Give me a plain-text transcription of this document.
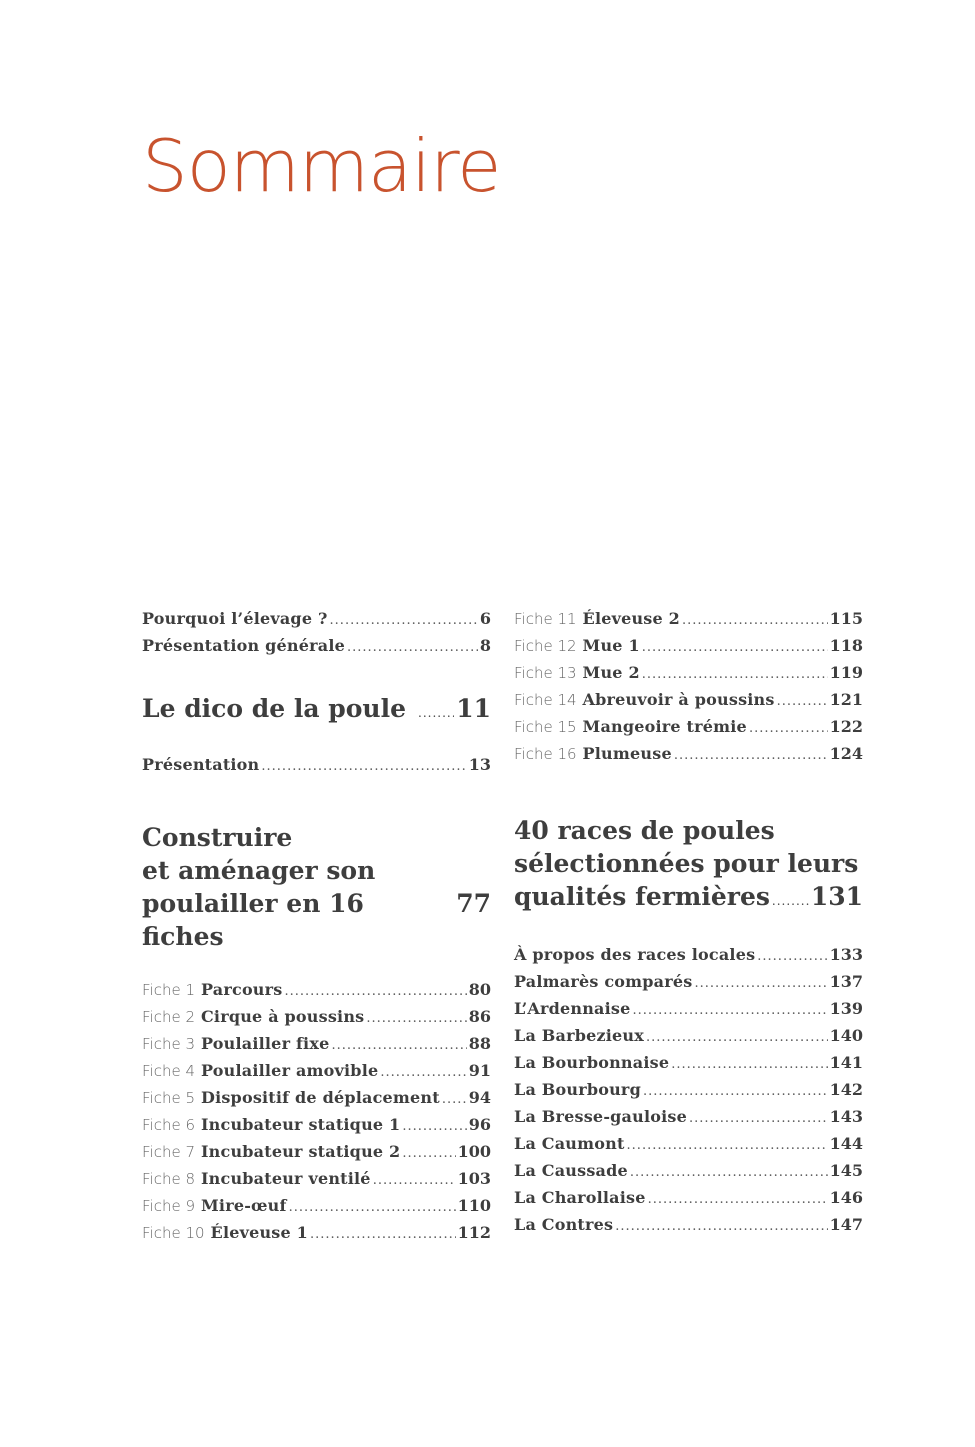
Sommaire
Pourquoi l’élevage ? .....	6
Présentation générale .....	8
Le dico de la poule ..... 11
Présentation .....	13
Construire
et aménager son
poulailler en 16 fiches
77
Fiche 1 Parcours .....	80
Fiche 2 Cirque à poussins .....	86
Fiche 3 Poulailler fixe .....	88
Fiche 4 Poulailler amovible .....	91
Fiche 5 Dispositif de déplacement ..... 94
Fiche 6 Incubateur statique 1 .....	96
Fiche 7 Incubateur statique 2 .....	100
Fiche 8 Incubateur ventilé .....	103
Fiche 9 Mire-œuf .....	110
Fiche 10 Éleveuse 1 .....	112
Fiche 11 Éleveuse 2 .....	115
Fiche 12 Mue 1 .....	118
Fiche 13 Mue 2 .....	119
Fiche 14 Abreuvoir à poussins .....	121
Fiche 15 Mangeoire trémie .....	122
Fiche 16 Plumeuse .....	124
40 races de poules
sélectionnées pour leurs
qualités fermières ..... 131
À propos des races locales .....	133
Palmarès comparés .....	137
L’Ardennaise .....	139
La Barbezieux .....	140
La Bourbonnaise .....	141
La Bourbourg .....	142
La Bresse-gauloise .....	143
La Caumont .....	144
La Caussade .....	145
La Charollaise .....	146
La Contres .....	147
